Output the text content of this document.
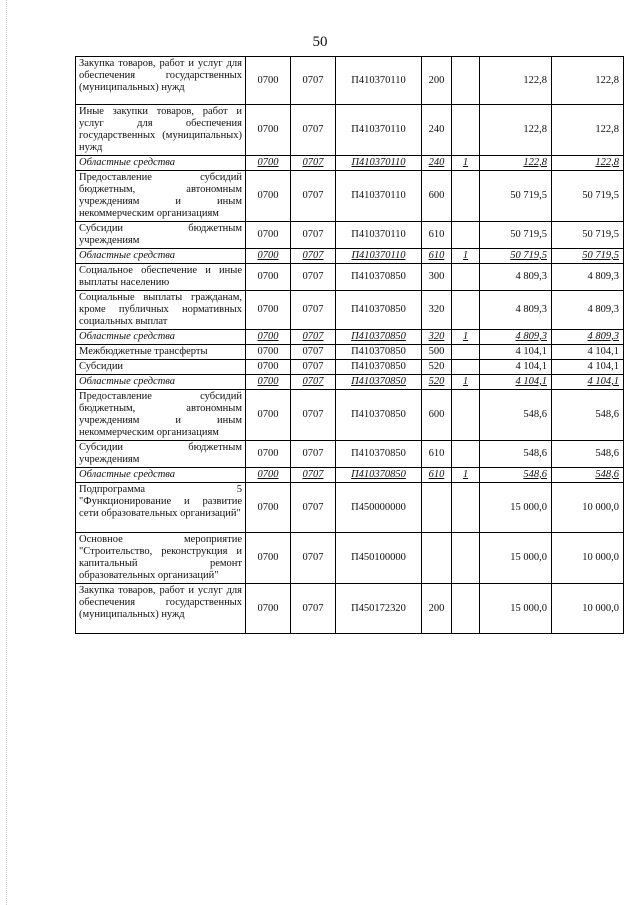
50
Закупка товаров, работ и услуг для обеспечения государственных (муниципальных) нужд	0700	0707	П410370110	200		122,8	122,8
Иные закупки товаров, работ и услуг для обеспечения государственных (муниципальных) нужд	0700	0707	П410370110	240		122,8	122,8
Областные средства	0700	0707	П410370110	240	1	122,8	122,8
Предоставление субсидий бюджетным, автономным учреждениям и иным некоммерческим организациям	0700	0707	П410370110	600		50 719,5	50 719,5
Субсидии бюджетным учреждениям	0700	0707	П410370110	610		50 719,5	50 719,5
Областные средства	0700	0707	П410370110	610	1	50 719,5	50 719,5
Социальное обеспечение и иные выплаты населению	0700	0707	П410370850	300		4 809,3	4 809,3
Социальные выплаты гражданам, кроме публичных нормативных социальных выплат	0700	0707	П410370850	320		4 809,3	4 809,3
Областные средства	0700	0707	П410370850	320	1	4 809,3	4 809,3
Межбюджетные трансферты	0700	0707	П410370850	500		4 104,1	4 104,1
Субсидии	0700	0707	П410370850	520		4 104,1	4 104,1
Областные средства	0700	0707	П410370850	520	1	4 104,1	4 104,1
Предоставление субсидий бюджетным, автономным учреждениям и иным некоммерческим организациям	0700	0707	П410370850	600		548,6	548,6
Субсидии бюджетным учреждениям	0700	0707	П410370850	610		548,6	548,6
Областные средства	0700	0707	П410370850	610	1	548,6	548,6
Подпрограмма 5 "Функционирование и развитие сети образовательных организаций"	0700	0707	П450000000			15 000,0	10 000,0
Основное мероприятие "Строительство, реконструкция и капитальный ремонт образовательных организаций"	0700	0707	П450100000			15 000,0	10 000,0
Закупка товаров, работ и услуг для обеспечения государственных (муниципальных) нужд	0700	0707	П450172320	200		15 000,0	10 000,0
